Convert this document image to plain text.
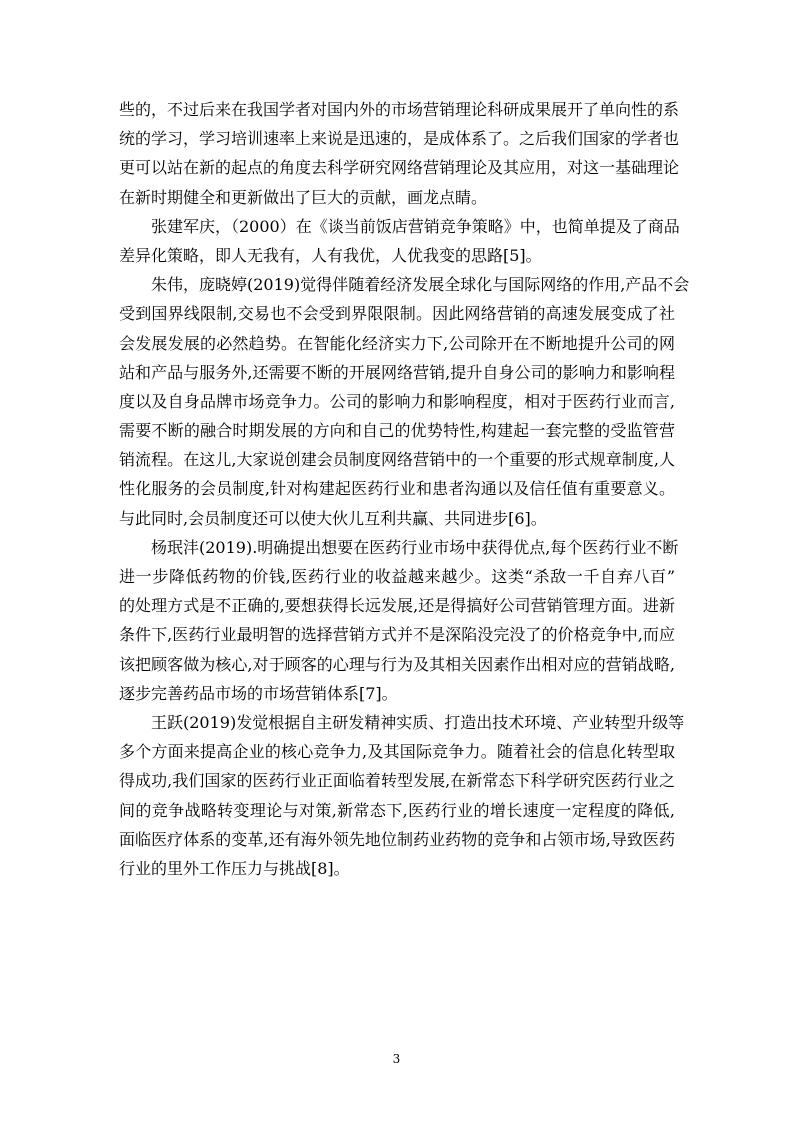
些的，不过后来在我国学者对国内外的市场营销理论科研成果展开了单向性的系
统的学习，学习培训速率上来说是迅速的，是成体系了。之后我们国家的学者也
更可以站在新的起点的角度去科学研究网络营销理论及其应用，对这一基础理论
在新时期健全和更新做出了巨大的贡献，画龙点睛。
张建军庆，（2000）在《谈当前饭店营销竞争策略》中，也简单提及了商品
差异化策略，即人无我有，人有我优，人优我变的思路[5]。
朱伟，庞晓婷(2019)觉得伴随着经济发展全球化与国际网络的作用,产品不会
受到国界线限制,交易也不会受到界限限制。因此网络营销的高速发展变成了社
会发展发展的必然趋势。在智能化经济实力下,公司除开在不断地提升公司的网
站和产品与服务外,还需要不断的开展网络营销,提升自身公司的影响力和影响程
度以及自身品牌市场竞争力。公司的影响力和影响程度，相对于医药行业而言,
需要不断的融合时期发展的方向和自己的优势特性,构建起一套完整的受监管营
销流程。在这儿,大家说创建会员制度网络营销中的一个重要的形式规章制度,人
性化服务的会员制度,针对构建起医药行业和患者沟通以及信任值有重要意义。
与此同时,会员制度还可以使大伙儿互利共赢、共同进步[6]。
杨珉沣(2019).明确提出想要在医药行业市场中获得优点,每个医药行业不断
进一步降低药物的价钱,医药行业的收益越来越少。这类“杀敌一千自弃八百”
的处理方式是不正确的,要想获得长远发展,还是得搞好公司营销管理方面。进新
条件下,医药行业最明智的选择营销方式并不是深陷没完没了的价格竞争中,而应
该把顾客做为核心,对于顾客的心理与行为及其相关因素作出相对应的营销战略,
逐步完善药品市场的市场营销体系[7]。
王跃(2019)发觉根据自主研发精神实质、打造出技术环境、产业转型升级等
多个方面来提高企业的核心竞争力,及其国际竞争力。随着社会的信息化转型取
得成功,我们国家的医药行业正面临着转型发展,在新常态下科学研究医药行业之
间的竞争战略转变理论与对策,新常态下,医药行业的增长速度一定程度的降低,
面临医疗体系的变革,还有海外领先地位制药业药物的竞争和占领市场,导致医药
行业的里外工作压力与挑战[8]。
3
